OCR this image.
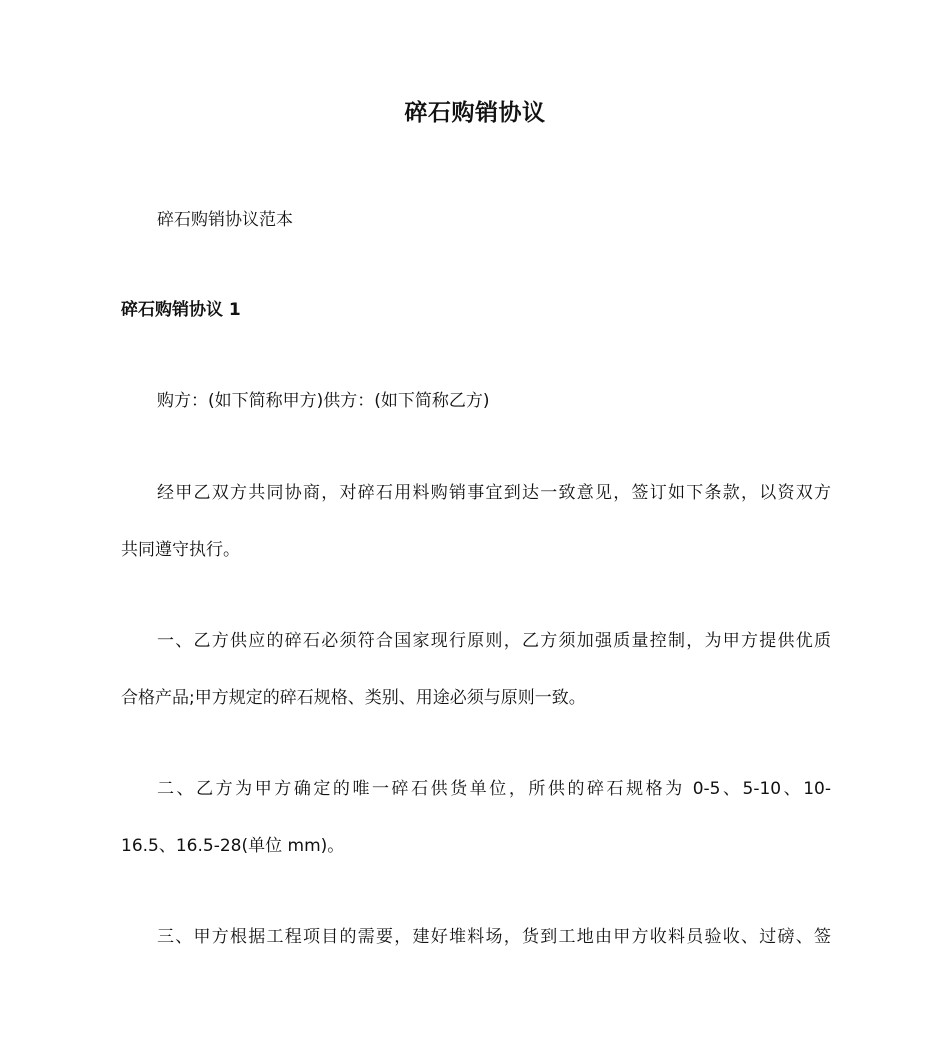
碎石购销协议
碎石购销协议范本
碎石购销协议 1
购方：(如下简称甲方)供方：(如下简称乙方)
经甲乙双方共同协商，对碎石用料购销事宜到达一致意见，签订如下条款，以资双方
共同遵守执行。
一、乙方供应的碎石必须符合国家现行原则，乙方须加强质量控制，为甲方提供优质
合格产品;甲方规定的碎石规格、类别、用途必须与原则一致。
二、乙方为甲方确定的唯一碎石供货单位，所供的碎石规格为 0-5、5-10、10-
16.5、16.5-28(单位 mm)。
三、甲方根据工程项目的需要，建好堆料场，货到工地由甲方收料员验收、过磅、签
